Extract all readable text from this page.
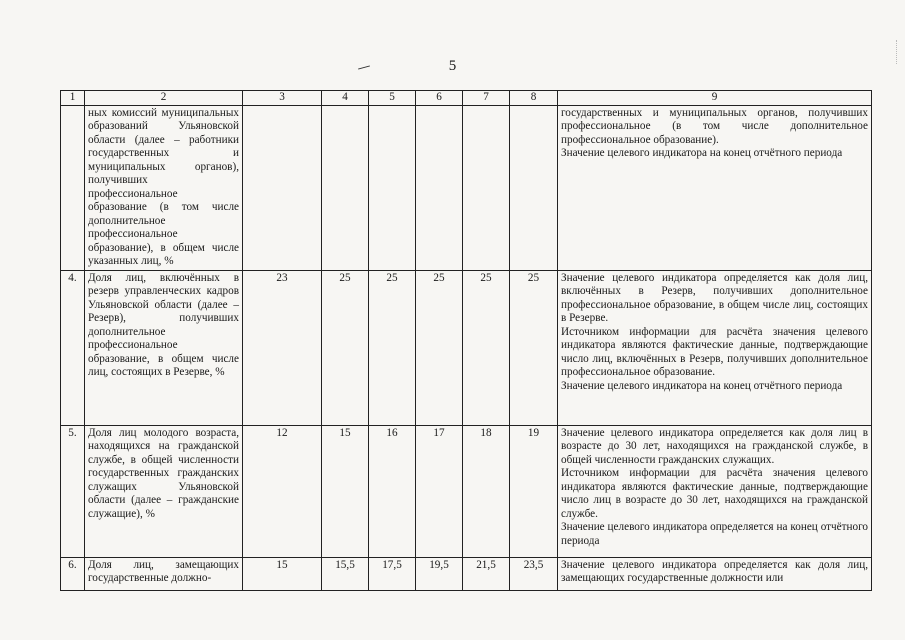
5
1	2	3	4	5	6	7	8	9
	ных комиссий муниципальных образований Ульяновской области (далее – работники государственных и муниципальных органов), получивших профессиональное образование (в том числе дополнительное профессиональное образование), в общем числе указанных лиц, %							государственных и муниципальных органов, получивших профессиональное (в том числе дополнительное профессиональное образование).
Значение целевого индикатора на конец отчётного периода

4.	Доля лиц, включённых в резерв управленческих кадров Ульяновской области (далее – Резерв), получивших дополнительное профессиональное образование, в общем числе лиц, состоящих в Резерве, %	23	25	25	25	25	25	Значение целевого индикатора определяется как доля лиц, включённых в Резерв, получивших дополнительное профессиональное образование, в общем числе лиц, состоящих в Резерве.
Источником информации для расчёта значения целевого индикатора являются фактические данные, подтверждающие число лиц, включённых в Резерв, получивших дополнительное профессиональное образование.
Значение целевого индикатора на конец отчётного периода

5.	Доля лиц молодого возраста, находящихся на гражданской службе, в общей численности государственных гражданских служащих Ульяновской области (далее – гражданские служащие), %	12	15	16	17	18	19	Значение целевого индикатора определяется как доля лиц в возрасте до 30 лет, находящихся на гражданской службе, в общей численности гражданских служащих.
Источником информации для расчёта значения целевого индикатора являются фактические данные, подтверждающие число лиц в возрасте до 30 лет, находящихся на гражданской службе.
Значение целевого индикатора определяется на конец отчётного периода

6.	Доля лиц, замещающих государственные должно-	15	15,5	17,5	19,5	21,5	23,5	Значение целевого индикатора определяется как доля лиц, замещающих государственные должности или
